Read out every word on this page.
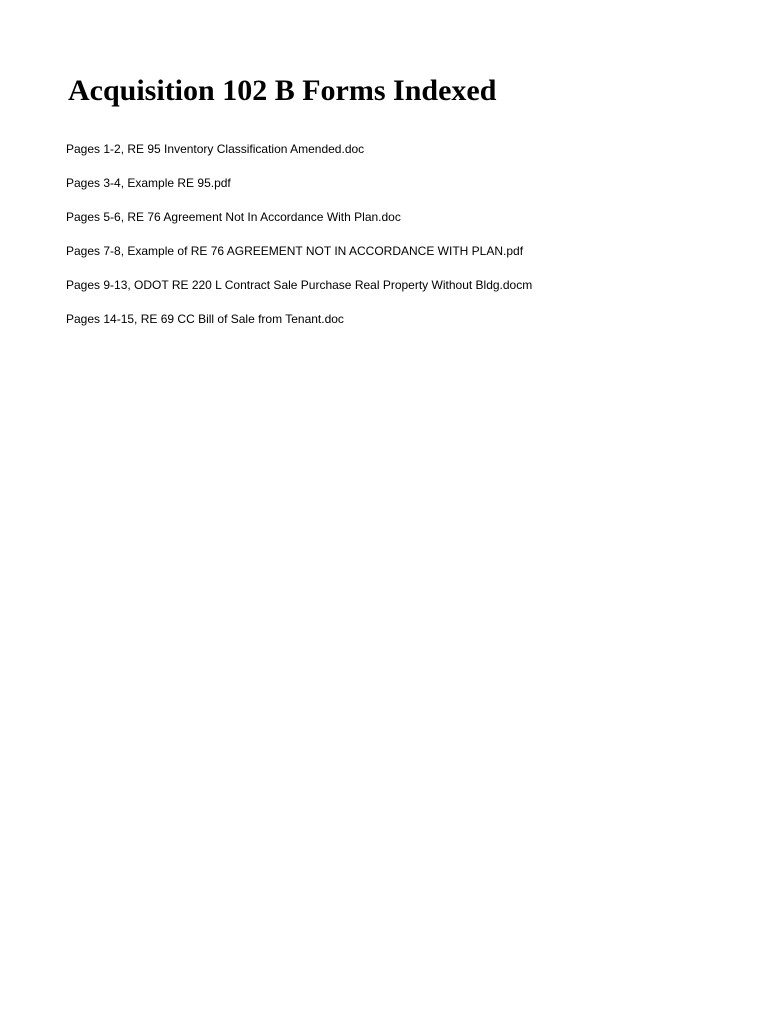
Acquisition 102 B Forms Indexed
Pages 1-2, RE 95 Inventory Classification Amended.doc
Pages 3-4, Example RE 95.pdf
Pages 5-6, RE 76 Agreement Not In Accordance With Plan.doc
Pages 7-8, Example of RE 76 AGREEMENT NOT IN ACCORDANCE WITH PLAN.pdf
Pages 9-13, ODOT RE 220 L Contract Sale Purchase Real Property Without Bldg.docm
Pages 14-15, RE 69 CC Bill of Sale from Tenant.doc
